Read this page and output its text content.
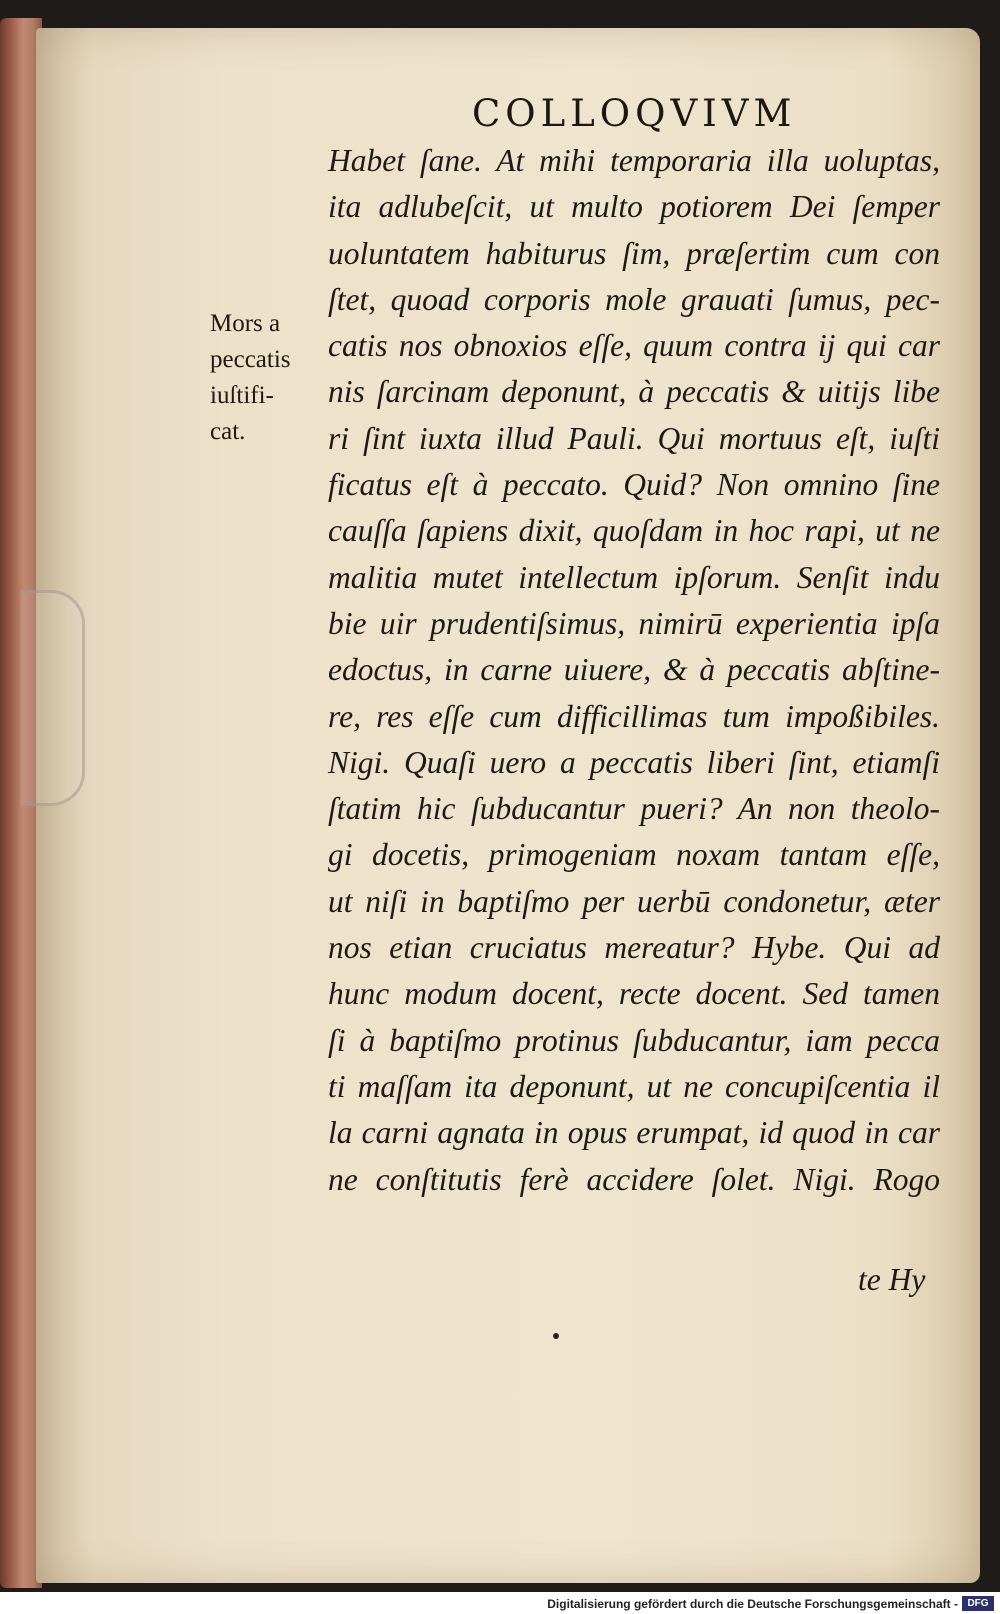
COLLOQVIVM
Mors a
peccatis
iuſtifi-
cat.
Habet ſane. At mihi temporaria illa uoluptas,
ita adlubeſcit, ut multo potiorem Dei ſemper
uoluntatem habiturus ſim, præſertim cum con
ſtet, quoad corporis mole grauati ſumus, pec-
catis nos obnoxios eſſe, quum contra ij qui car
nis ſarcinam deponunt, à peccatis & uitijs libe
ri ſint iuxta illud Pauli. Qui mortuus eſt, iuſti
ficatus eſt à peccato. Quid? Non omnino ſine
cauſſa ſapiens dixit, quoſdam in hoc rapi, ut ne
malitia mutet intellectum ipſorum. Senſit indu
bie uir prudentiſsimus, nimirū experientia ipſa
edoctus, in carne uiuere, & à peccatis abſtine-
re, res eſſe cum difficillimas tum impoßibiles.
Nigi. Quaſi uero a peccatis liberi ſint, etiamſi
ſtatim hic ſubducantur pueri? An non theolo-
gi docetis, primogeniam noxam tantam eſſe,
ut niſi in baptiſmo per uerbū condonetur, æter
nos etian cruciatus mereatur? Hybe. Qui ad
hunc modum docent, recte docent. Sed tamen
ſi à baptiſmo protinus ſubducantur, iam pecca
ti maſſam ita deponunt, ut ne concupiſcentia il
la carni agnata in opus erumpat, id quod in car
ne conſtitutis ferè accidere ſolet. Nigi. Rogo
te Hy
Digitalisierung gefördert durch die Deutsche Forschungsgemeinschaft - DFG
